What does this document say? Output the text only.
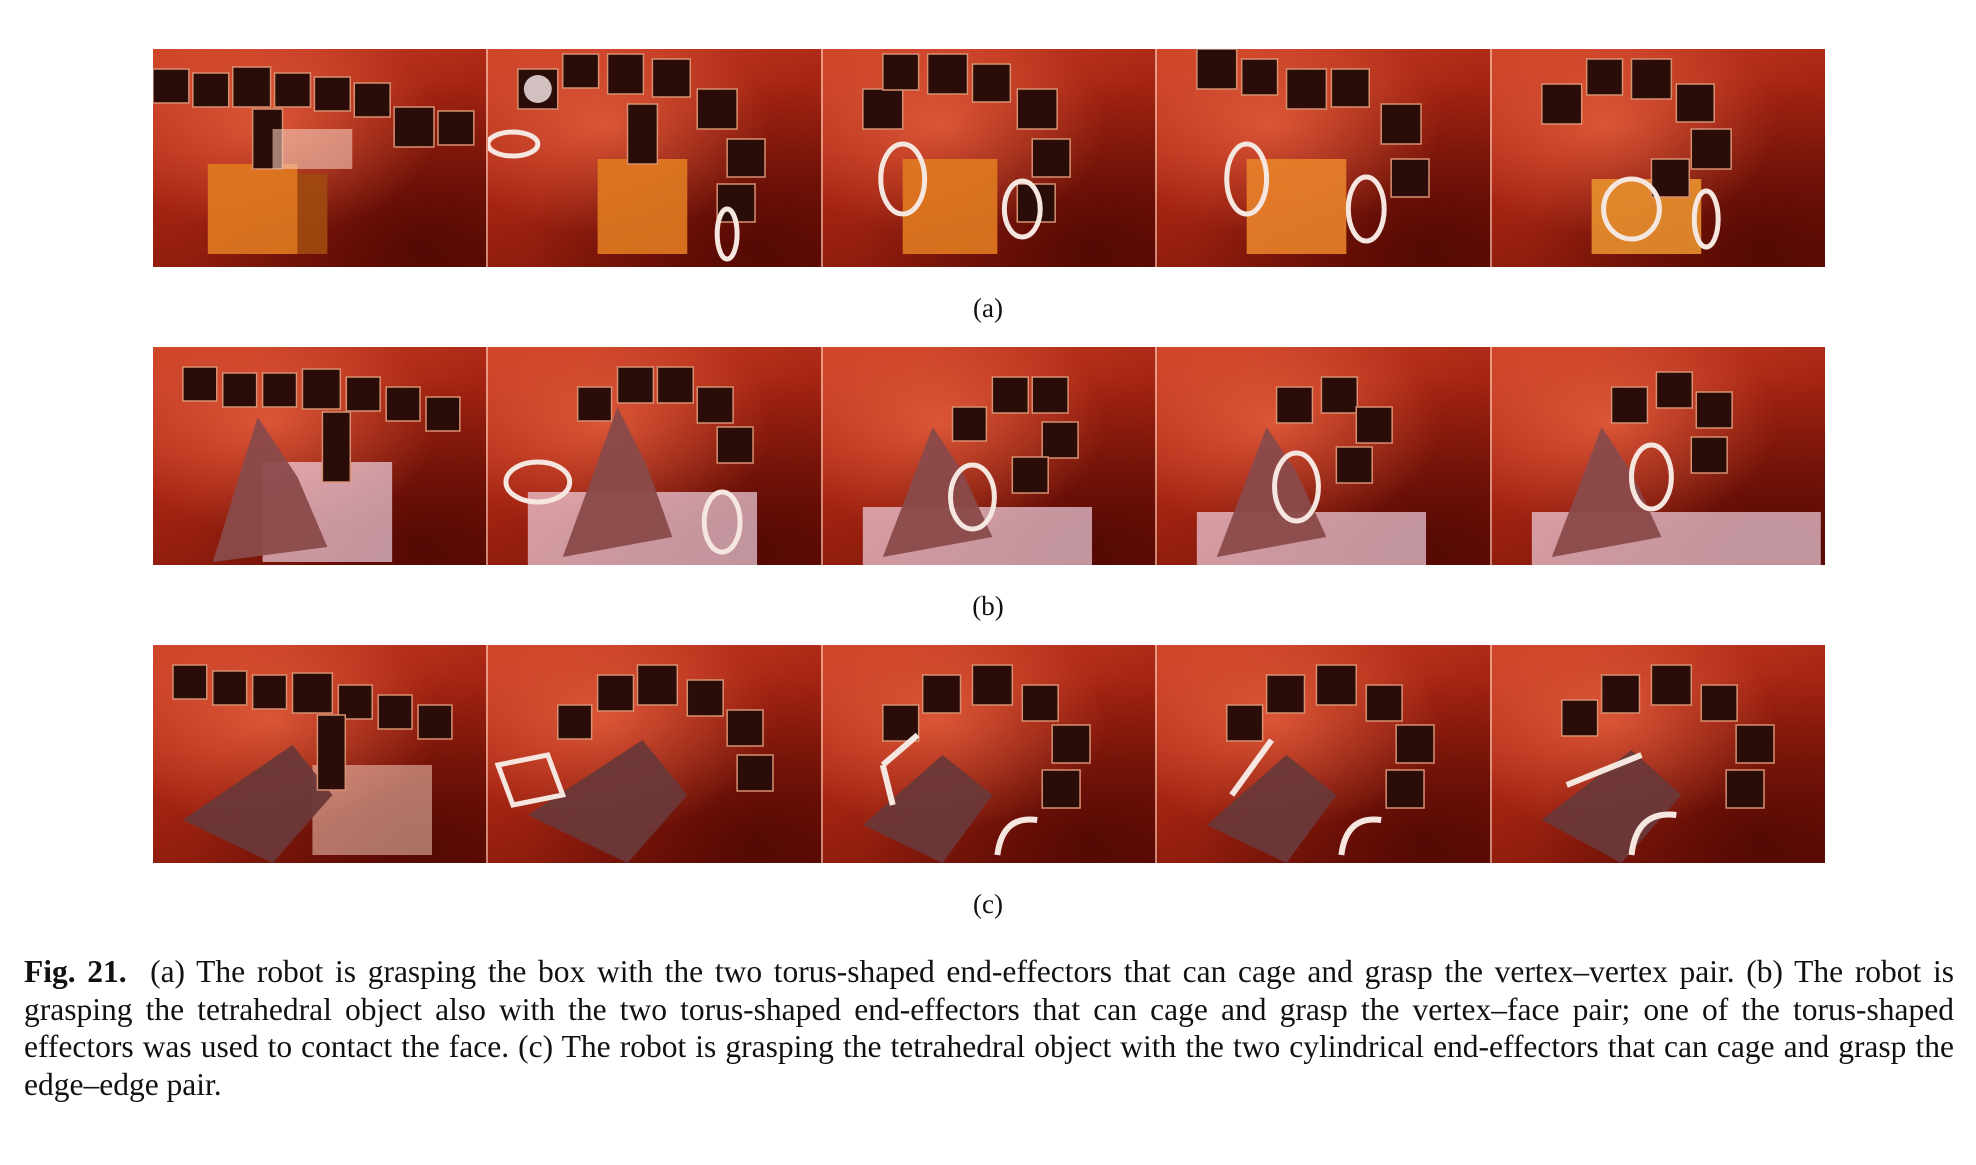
(a)
(b)
(c)
Fig. 21. (a) The robot is grasping the box with the two torus-shaped end-effectors that can cage and grasp the vertex–vertex pair. (b) The robot is grasping the tetrahedral object also with the two torus-shaped end-effectors that can cage and grasp the vertex–face pair; one of the torus-shaped effectors was used to contact the face. (c) The robot is grasping the tetrahedral object with the two cylindrical end-effectors that can cage and grasp the edge–edge pair.
